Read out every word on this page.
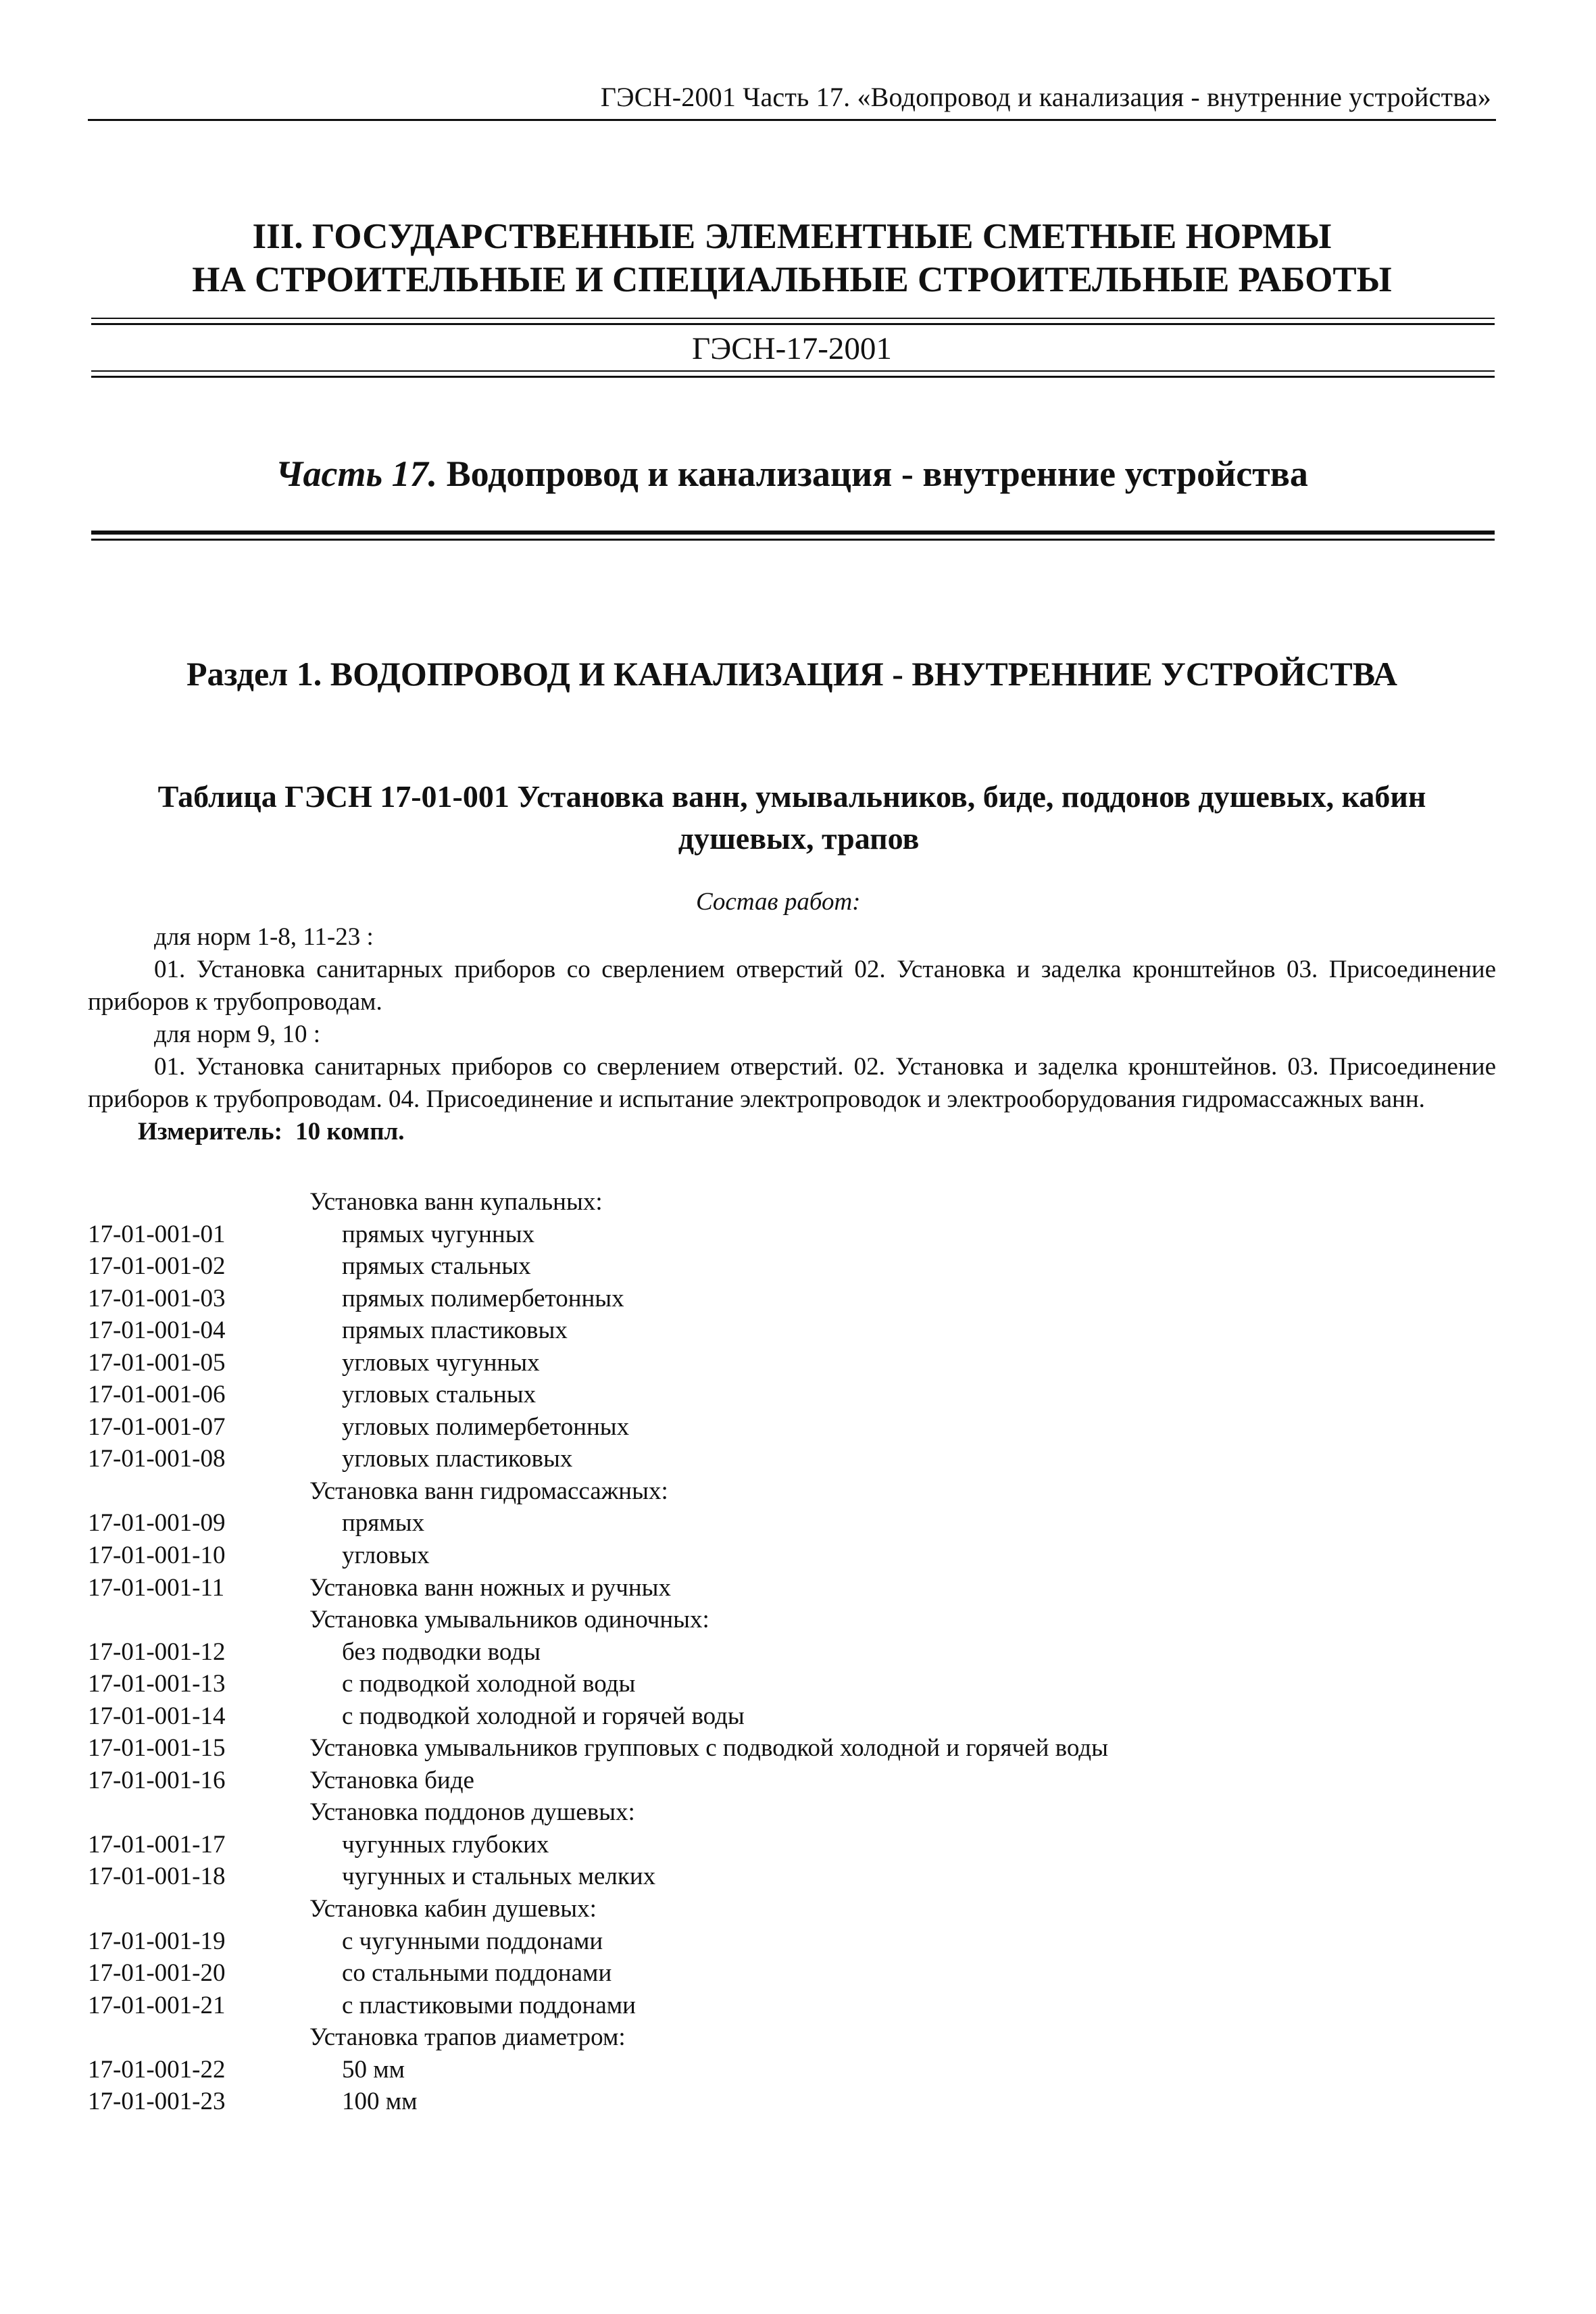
ГЭСН-2001 Часть 17. «Водопровод и канализация - внутренние устройства»
III. ГОСУДАРСТВЕННЫЕ ЭЛЕМЕНТНЫЕ СМЕТНЫЕ НОРМЫ
НА СТРОИТЕЛЬНЫЕ И СПЕЦИАЛЬНЫЕ СТРОИТЕЛЬНЫЕ РАБОТЫ
ГЭСН-17-2001
Часть 17. Водопровод и канализация - внутренние устройства
Раздел 1. ВОДОПРОВОД И КАНАЛИЗАЦИЯ - ВНУТРЕННИЕ УСТРОЙСТВА
Таблица ГЭСН 17-01-001 Установка ванн, умывальников, биде, поддонов душевых, кабин
душевых, трапов
Состав работ:

для норм 1-8, 11-23 :

01. Установка санитарных приборов со сверлением отверстий 02. Установка и заделка кронштейнов 03. Присоединение приборов к трубопроводам.

для норм 9, 10 :

01. Установка санитарных приборов со сверлением отверстий. 02. Установка и заделка кронштейнов. 03. Присоединение приборов к трубопроводам. 04. Присоединение и испытание электропроводок и электрооборудования гидромассажных ванн.

Измеритель: 10 компл.

Установка ванн купальных:
17-01-001-01	прямых чугунных
17-01-001-02	прямых стальных
17-01-001-03	прямых полимербетонных
17-01-001-04	прямых пластиковых
17-01-001-05	угловых чугунных
17-01-001-06	угловых стальных
17-01-001-07	угловых полимербетонных
17-01-001-08	угловых пластиковых
Установка ванн гидромассажных:
17-01-001-09	прямых
17-01-001-10	угловых
17-01-001-11	Установка ванн ножных и ручных
Установка умывальников одиночных:
17-01-001-12	без подводки воды
17-01-001-13	с подводкой холодной воды
17-01-001-14	с подводкой холодной и горячей воды
17-01-001-15	Установка умывальников групповых с подводкой холодной и горячей воды
17-01-001-16	Установка биде
Установка поддонов душевых:
17-01-001-17	чугунных глубоких
17-01-001-18	чугунных и стальных мелких
Установка кабин душевых:
17-01-001-19	с чугунными поддонами
17-01-001-20	со стальными поддонами
17-01-001-21	с пластиковыми поддонами
Установка трапов диаметром:
17-01-001-22	50 мм
17-01-001-23	100 мм
